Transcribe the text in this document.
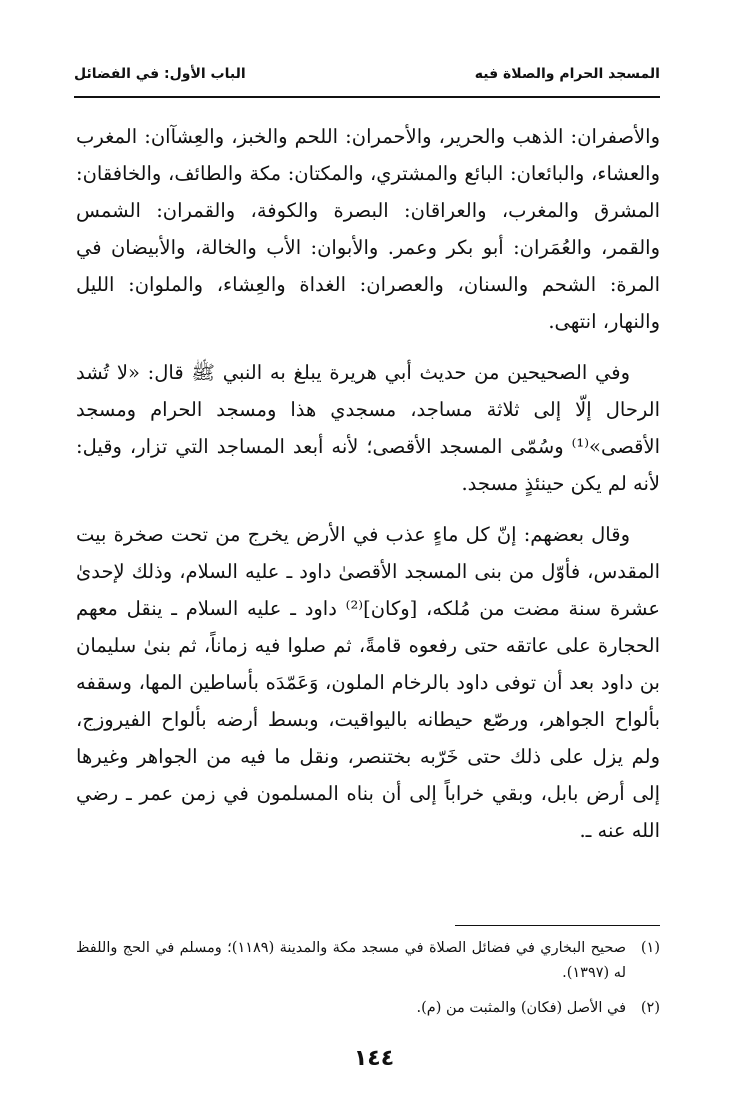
المسجد الحرام والصلاة فيه
الباب الأول: في الفضائل

والأصفران: الذهب والحرير، والأحمران: اللحم والخبز، والعِشآان: المغرب والعشاء، والبائعان: البائع والمشتري، والمكتان: مكة والطائف، والخافقان: المشرق والمغرب، والعراقان: البصرة والكوفة، والقمران: الشمس والقمر، والعُمَران: أبو بكر وعمر. والأبوان: الأب والخالة، والأبيضان في المرة: الشحم والسنان، والعصران: الغداة والعِشاء، والملوان: الليل والنهار، انتهى.

وفي الصحيحين من حديث أبي هريرة يبلغ به النبي ﷺ قال: «لا تُشد الرحال إلّا إلى ثلاثة مساجد، مسجدي هذا ومسجد الحرام ومسجد الأقصى»⁽¹⁾ وسُمّى المسجد الأقصى؛ لأنه أبعد المساجد التي تزار، وقيل: لأنه لم يكن حينئذٍ مسجد.

وقال بعضهم: إنّ كل ماءٍ عذب في الأرض يخرج من تحت صخرة بيت المقدس، فأوّل من بنى المسجد الأقصىٰ داود ـ عليه السلام، وذلك لإحدىٰ عشرة سنة مضت من مُلكه، [وكان]⁽²⁾ داود ـ عليه السلام ـ ينقل معهم الحجارة على عاتقه حتى رفعوه قامةً، ثم صلوا فيه زماناً، ثم بنىٰ سليمان بن داود بعد أن توفى داود بالرخام الملون، وَعَمّدَه بأساطين المها، وسقفه بألواح الجواهر، ورصّع حيطانه باليواقيت، وبسط أرضه بألواح الفيروزج، ولم يزل على ذلك حتى خَرّبه بختنصر، ونقل ما فيه من الجواهر وغيرها إلى أرض بابل، وبقي خراباً إلى أن بناه المسلمون في زمن عمر ـ رضي الله عنه ـ.

(١)
صحيح البخاري في فضائل الصلاة في مسجد مكة والمدينة (١١٨٩)؛ ومسلم في الحج واللفظ له (١٣٩٧).

(٢)
في الأصل (فكان) والمثبت من (م).

١٤٤
